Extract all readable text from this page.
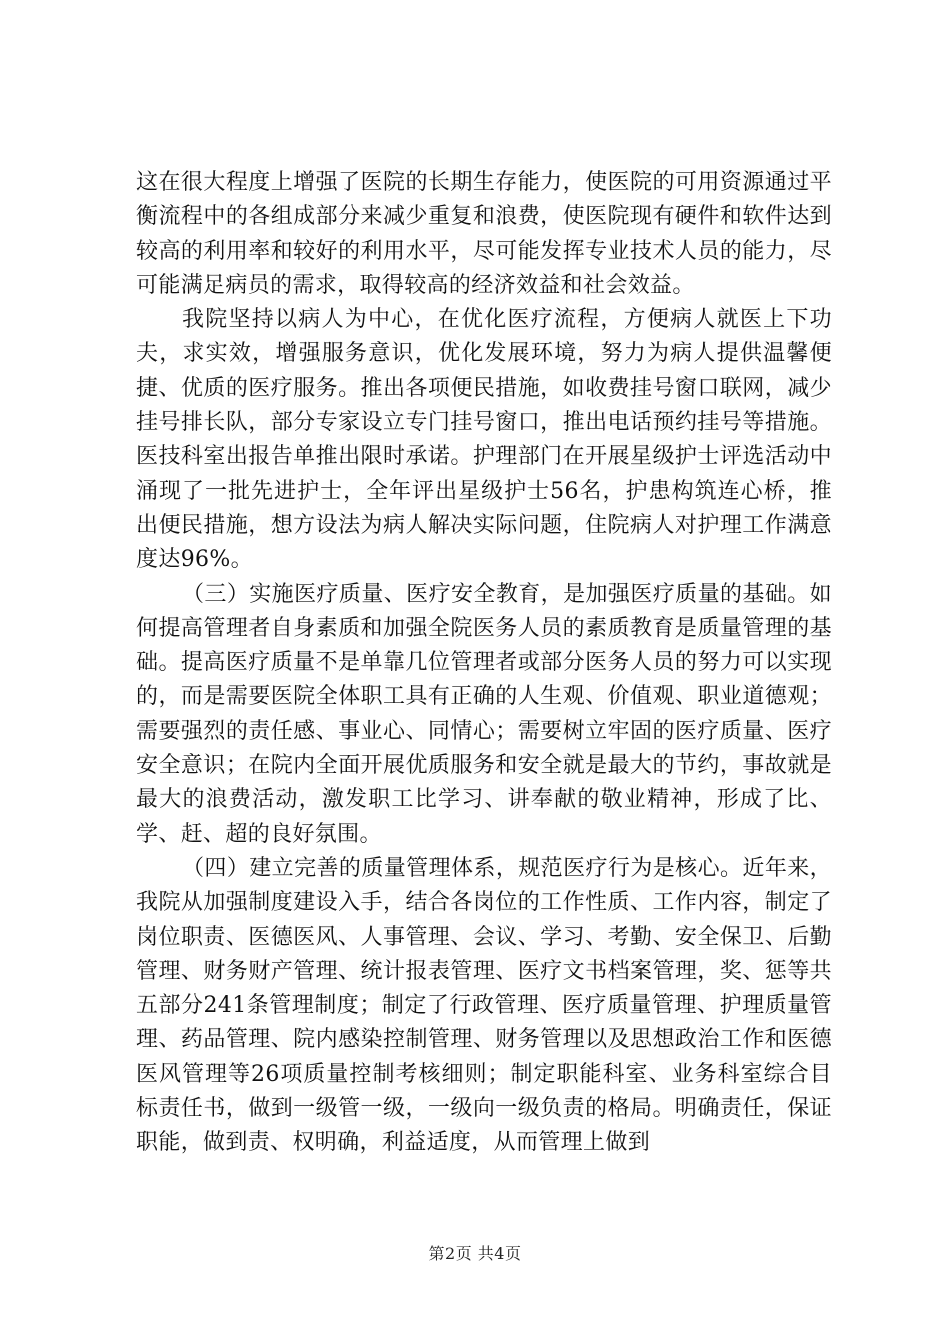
这在很大程度上增强了医院的长期生存能力，使医院的可用资源通过平衡流程中的各组成部分来减少重复和浪费，使医院现有硬件和软件达到较高的利用率和较好的利用水平，尽可能发挥专业技术人员的能力，尽可能满足病员的需求，取得较高的经济效益和社会效益。

我院坚持以病人为中心，在优化医疗流程，方便病人就医上下功夫，求实效，增强服务意识，优化发展环境，努力为病人提供温馨便捷、优质的医疗服务。推出各项便民措施，如收费挂号窗口联网，减少挂号排长队，部分专家设立专门挂号窗口，推出电话预约挂号等措施。医技科室出报告单推出限时承诺。护理部门在开展星级护士评选活动中涌现了一批先进护士，全年评出星级护士56名，护患构筑连心桥，推出便民措施，想方设法为病人解决实际问题，住院病人对护理工作满意度达96%。

（三）实施医疗质量、医疗安全教育，是加强医疗质量的基础。如何提高管理者自身素质和加强全院医务人员的素质教育是质量管理的基础。提高医疗质量不是单靠几位管理者或部分医务人员的努力可以实现的，而是需要医院全体职工具有正确的人生观、价值观、职业道德观；需要强烈的责任感、事业心、同情心；需要树立牢固的医疗质量、医疗安全意识；在院内全面开展优质服务和安全就是最大的节约，事故就是最大的浪费活动，激发职工比学习、讲奉献的敬业精神，形成了比、学、赶、超的良好氛围。

（四）建立完善的质量管理体系，规范医疗行为是核心。近年来，我院从加强制度建设入手，结合各岗位的工作性质、工作内容，制定了岗位职责、医德医风、人事管理、会议、学习、考勤、安全保卫、后勤管理、财务财产管理、统计报表管理、医疗文书档案管理，奖、惩等共五部分241条管理制度；制定了行政管理、医疗质量管理、护理质量管理、药品管理、院内感染控制管理、财务管理以及思想政治工作和医德医风管理等26项质量控制考核细则；制定职能科室、业务科室综合目标责任书，做到一级管一级，一级向一级负责的格局。明确责任，保证职能，做到责、权明确，利益适度，从而管理上做到

第2页 共4页
